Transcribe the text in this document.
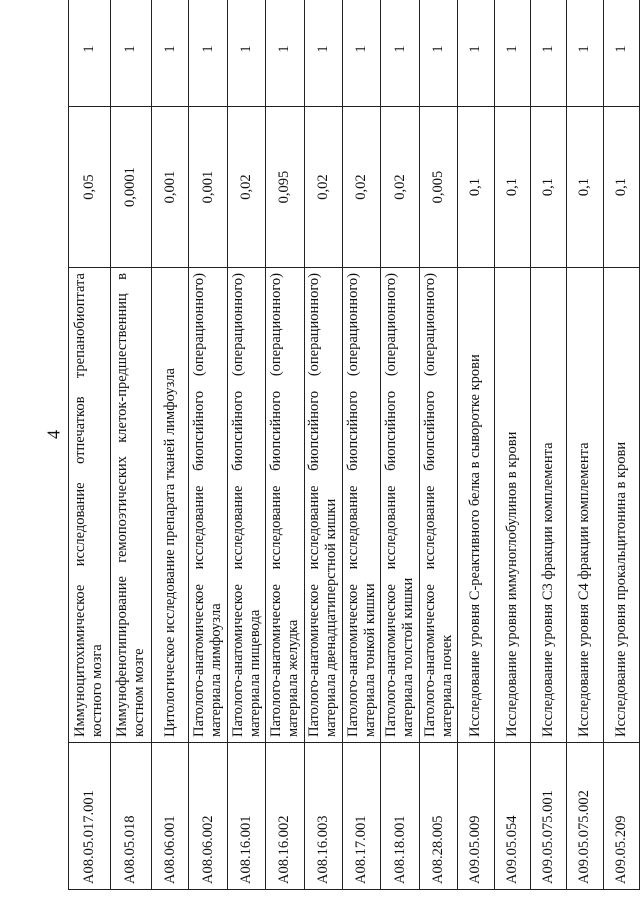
4
A08.05.017.001	Иммуноцитохимическое исследование отпечатков трепанобиоптата костного мозга	0,05	1
A08.05.018	Иммунофенотипирование гемопоэтических клеток-предшественниц в костном мозге	0,0001	1
A08.06.001	Цитологическое исследование препарата тканей лимфоузла	0,001	1
A08.06.002	Патолого-анатомическое исследование биопсийного (операционного) материала лимфоузла	0,001	1
A08.16.001	Патолого-анатомическое исследование биопсийного (операционного) материала пищевода	0,02	1
A08.16.002	Патолого-анатомическое исследование биопсийного (операционного) материала желудка	0,095	1
A08.16.003	Патолого-анатомическое исследование биопсийного (операционного) материала двенадцатиперстной кишки	0,02	1
A08.17.001	Патолого-анатомическое исследование биопсийного (операционного) материала тонкой кишки	0,02	1
A08.18.001	Патолого-анатомическое исследование биопсийного (операционного) материала толстой кишки	0,02	1
A08.28.005	Патолого-анатомическое исследование биопсийного (операционного) материала почек	0,005	1
A09.05.009	Исследование уровня С-реактивного белка в сыворотке крови	0,1	1
A09.05.054	Исследование уровня иммуноглобулинов в крови	0,1	1
A09.05.075.001	Исследование уровня С3 фракции комплемента	0,1	1
A09.05.075.002	Исследование уровня С4 фракции комплемента	0,1	1
A09.05.209	Исследование уровня прокальцитонина в крови	0,1	1
